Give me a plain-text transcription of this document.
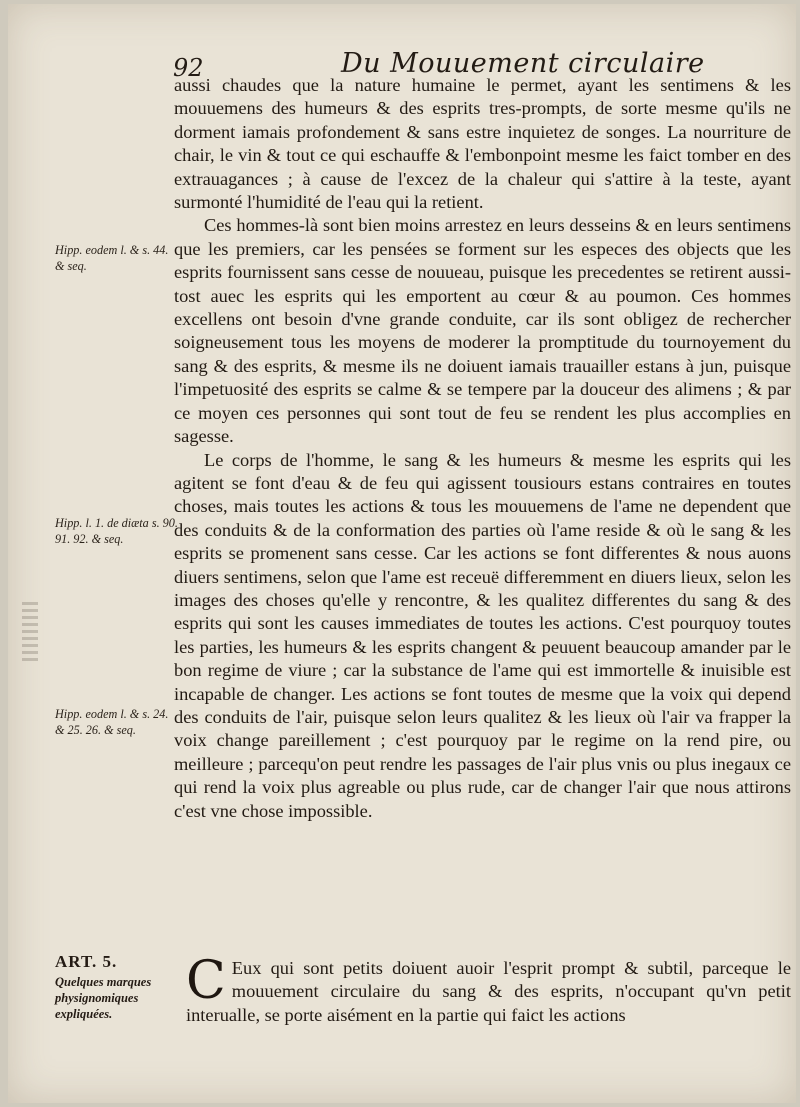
92	Du Mouuement circulaire
Hipp. eodem l. & s. 44. & seq.
Hipp. l. 1. de diæta s. 90. 91. 92. & seq.
Hipp. eodem l. & s. 24. & 25. 26. & seq.

aussi chaudes que la nature humaine le permet, ayant les sentimens & les mouuemens des humeurs & des esprits tres-prompts, de sorte mesme qu'ils ne dorment iamais profondement & sans estre inquietez de songes. La nourriture de chair, le vin & tout ce qui eschauffe & l'embonpoint mesme les faict tomber en des extrauagances ; à cause de l'excez de la chaleur qui s'attire à la teste, ayant surmonté l'humidité de l'eau qui la retient.

Ces hommes-là sont bien moins arrestez en leurs desseins & en leurs sentimens que les premiers, car les pensées se forment sur les especes des objects que les esprits fournissent sans cesse de nouueau, puisque les precedentes se retirent aussi-tost auec les esprits qui les emportent au cœur & au poumon. Ces hommes excellens ont besoin d'vne grande conduite, car ils sont obligez de rechercher soigneusement tous les moyens de moderer la promptitude du tournoyement du sang & des esprits, & mesme ils ne doiuent iamais trauailler estans à jun, puisque l'impetuosité des esprits se calme & se tempere par la douceur des alimens ; & par ce moyen ces personnes qui sont tout de feu se rendent les plus accomplies en sagesse.

Le corps de l'homme, le sang & les humeurs & mesme les esprits qui les agitent se font d'eau & de feu qui agissent tousiours estans contraires en toutes choses, mais toutes les actions & tous les mouuemens de l'ame ne dependent que des conduits & de la conformation des parties où l'ame reside & où le sang & les esprits se promenent sans cesse. Car les actions se font differentes & nous auons diuers sentimens, selon que l'ame est receuë differemment en diuers lieux, selon les images des choses qu'elle y rencontre, & les qualitez differentes du sang & des esprits qui sont les causes immediates de toutes les actions. C'est pourquoy toutes les parties, les humeurs & les esprits changent & peuuent beaucoup amander par le bon regime de viure ; car la substance de l'ame qui est immortelle & inuisible est incapable de changer. Les actions se font toutes de mesme que la voix qui depend des conduits de l'air, puisque selon leurs qualitez & les lieux où l'air va frapper la voix change pareillement ; c'est pourquoy par le regime on la rend pire, ou meilleure ; parcequ'on peut rendre les passages de l'air plus vnis ou plus inegaux ce qui rend la voix plus agreable ou plus rude, car de changer l'air que nous attirons c'est vne chose impossible.

ART. 5.
Quelques marques physignomiques expliquées.
C Eux qui sont petits doiuent auoir l'esprit prompt & subtil, parceque le mouuement circulaire du sang & des esprits, n'occupant qu'vn petit interualle, se porte aisément en la partie qui faict les actions
